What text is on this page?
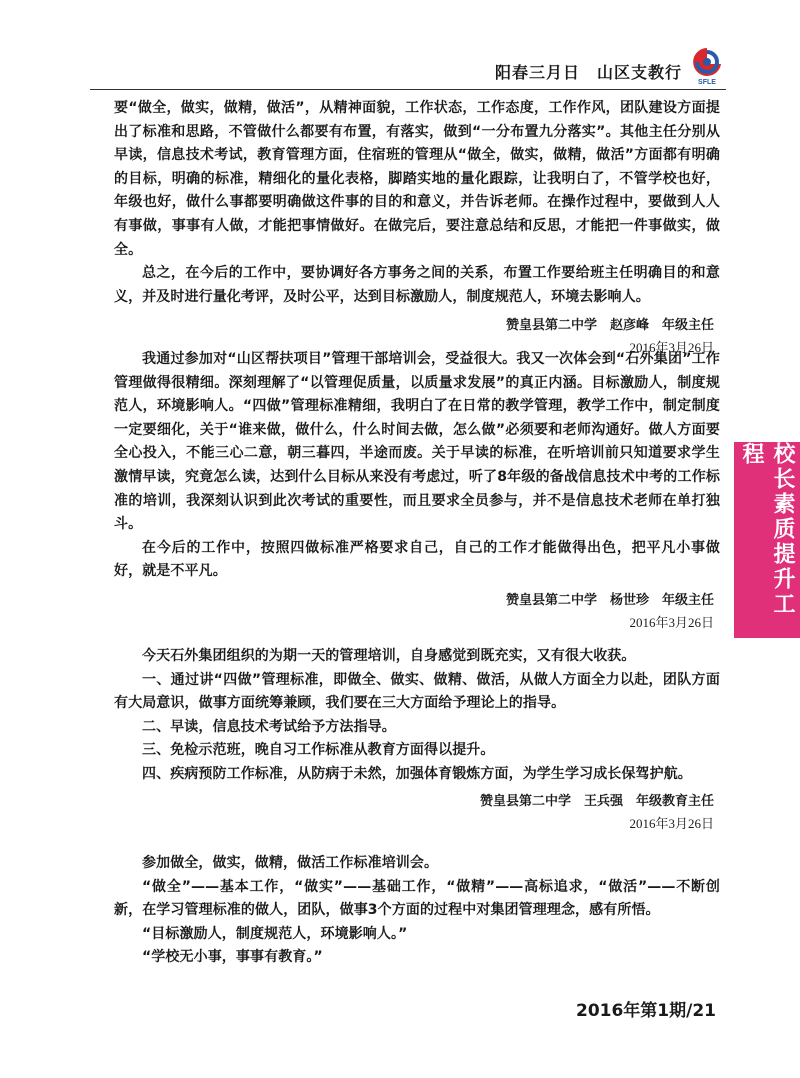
阳春三月日　山区支教行
SFLE
校长素质提升工程

要“做全，做实，做精，做活”，从精神面貌，工作状态，工作态度，工作作风，团队建设方面提出了标准和思路，不管做什么都要有布置，有落实，做到“一分布置九分落实”。其他主任分别从早读，信息技术考试，教育管理方面，住宿班的管理从“做全，做实，做精，做活”方面都有明确的目标，明确的标准，精细化的量化表格，脚踏实地的量化跟踪，让我明白了，不管学校也好，年级也好，做什么事都要明确做这件事的目的和意义，并告诉老师。在操作过程中，要做到人人有事做，事事有人做，才能把事情做好。在做完后，要注意总结和反思，才能把一件事做实，做全。

总之，在今后的工作中，要协调好各方事务之间的关系，布置工作要给班主任明确目的和意义，并及时进行量化考评，及时公平，达到目标激励人，制度规范人，环境去影响人。

赞皇县第二中学　赵彦峰　年级主任

2016年3月26日

我通过参加对“山区帮扶项目”管理干部培训会，受益很大。我又一次体会到“石外集团”工作管理做得很精细。深刻理解了“以管理促质量，以质量求发展”的真正内涵。目标激励人，制度规范人，环境影响人。“四做”管理标准精细，我明白了在日常的教学管理，教学工作中，制定制度一定要细化，关于“谁来做，做什么，什么时间去做，怎么做”必须要和老师沟通好。做人方面要全心投入，不能三心二意，朝三暮四，半途而废。关于早读的标准，在听培训前只知道要求学生激情早读，究竟怎么读，达到什么目标从来没有考虑过，听了8年级的备战信息技术中考的工作标准的培训，我深刻认识到此次考试的重要性，而且要求全员参与，并不是信息技术老师在单打独斗。

在今后的工作中，按照四做标准严格要求自己，自己的工作才能做得出色，把平凡小事做好，就是不平凡。

赞皇县第二中学　杨世珍　年级主任

2016年3月26日

今天石外集团组织的为期一天的管理培训，自身感觉到既充实，又有很大收获。

一、通过讲“四做”管理标准，即做全、做实、做精、做活，从做人方面全力以赴，团队方面有大局意识，做事方面统筹兼顾，我们要在三大方面给予理论上的指导。

二、早读，信息技术考试给予方法指导。

三、免检示范班，晚自习工作标准从教育方面得以提升。

四、疾病预防工作标准，从防病于未然，加强体育锻炼方面，为学生学习成长保驾护航。

赞皇县第二中学　王兵强　年级教育主任

2016年3月26日

参加做全，做实，做精，做活工作标准培训会。

“做全”——基本工作，“做实”——基础工作，“做精”——高标追求，“做活”——不断创新，在学习管理标准的做人，团队，做事3个方面的过程中对集团管理理念，感有所悟。

“目标激励人，制度规范人，环境影响人。”

“学校无小事，事事有教育。”

2016年第1期/21
